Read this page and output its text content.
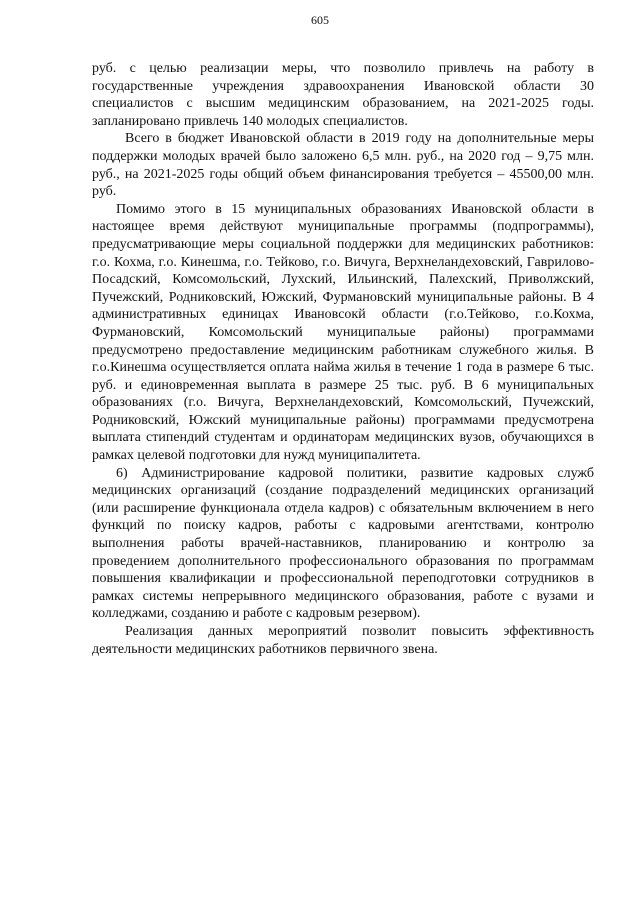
605

руб. с целью реализации меры, что позволило привлечь на работу в государственные учреждения здравоохранения Ивановской области 30 специалистов с высшим медицинским образованием, на 2021-2025 годы. запланировано привлечь 140 молодых специалистов.

Всего в бюджет Ивановской области в 2019 году на дополнительные меры поддержки молодых врачей было заложено 6,5 млн. руб., на 2020 год – 9,75 млн. руб., на 2021-2025 годы общий объем финансирования требуется – 45500,00 млн. руб.

Помимо этого в 15 муниципальных образованиях Ивановской области в настоящее время действуют муниципальные программы (подпрограммы), предусматривающие меры социальной поддержки для медицинских работников: г.о. Кохма, г.о. Кинешма, г.о. Тейково, г.о. Вичуга, Верхнеландеховский, Гаврилово-Посадский, Комсомольский, Лухский, Ильинский, Палехский, Приволжский, Пучежский, Родниковский, Южский, Фурмановский муниципальные районы. В 4 административных единицах Ивановсокй области (г.о.Тейково, г.о.Кохма, Фурмановский, Комсомольский муниципальые районы) программами предусмотрено предоставление медицинским работникам служебного жилья. В г.о.Кинешма осуществляется оплата найма жилья в течение 1 года в размере 6 тыс. руб. и единовременная выплата в размере 25 тыс. руб. В 6 муниципальных образованиях (г.о. Вичуга, Верхнеландеховский, Комсомольский, Пучежский, Родниковский, Южский муниципальные районы) программами предусмотрена выплата стипендий студентам и ординаторам медицинских вузов, обучающихся в рамках целевой подготовки для нужд муниципалитета.

6) Администрирование кадровой политики, развитие кадровых служб медицинских организаций (создание подразделений медицинских организаций (или расширение функционала отдела кадров) с обязательным включением в него функций по поиску кадров, работы с кадровыми агентствами, контролю выполнения работы врачей-наставников, планированию и контролю за проведением дополнительного профессионального образования по программам повышения квалификации и профессиональной переподготовки сотрудников в рамках системы непрерывного медицинского образования, работе с вузами и колледжами, созданию и работе с кадровым резервом).

Реализация данных мероприятий позволит повысить эффективность деятельности медицинских работников первичного звена.
